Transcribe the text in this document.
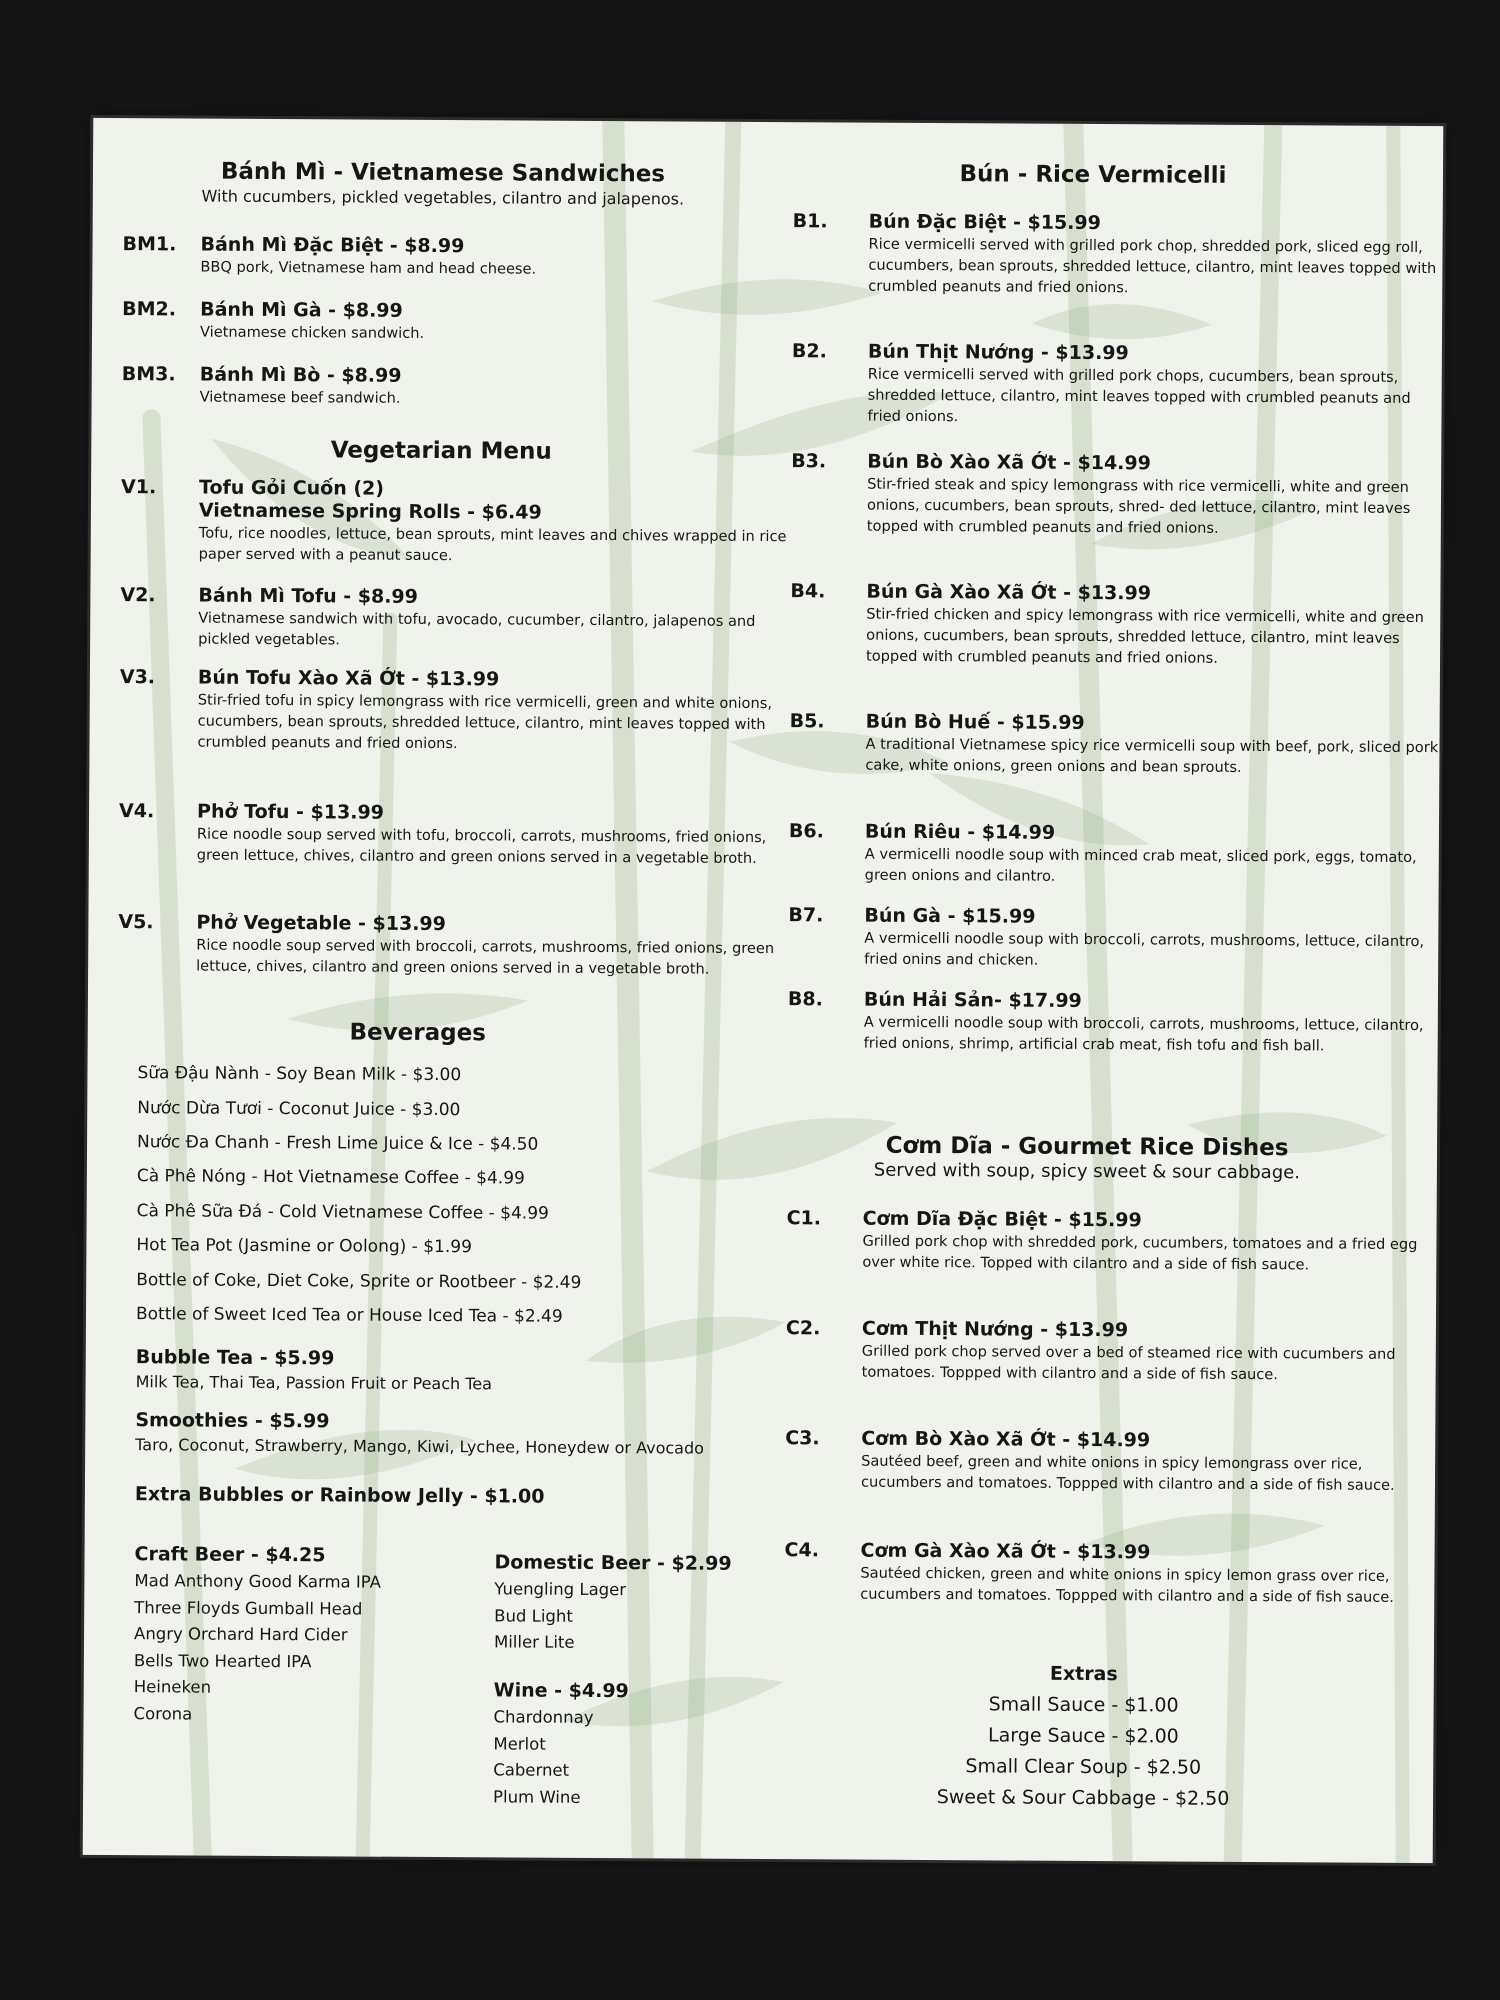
Bánh Mì - Vietnamese Sandwiches
With cucumbers, pickled vegetables, cilantro and jalapenos.
BM1. Bánh Mì Đặc Biệt - $8.99
BBQ pork, Vietnamese ham and head cheese.
BM2. Bánh Mì Gà - $8.99
Vietnamese chicken sandwich.
BM3. Bánh Mì Bò - $8.99
Vietnamese beef sandwich.
Vegetarian Menu
V1. Tofu Gỏi Cuốn (2)
Vietnamese Spring Rolls - $6.49
Tofu, rice noodles, lettuce, bean sprouts, mint leaves and chives wrapped in rice paper served with a peanut sauce.
V2. Bánh Mì Tofu - $8.99
Vietnamese sandwich with tofu, avocado, cucumber, cilantro, jalapenos and pickled vegetables.
V3. Bún Tofu Xào Xã Ớt - $13.99
Stir-fried tofu in spicy lemongrass with rice vermicelli, green and white onions, cucumbers, bean sprouts, shredded lettuce, cilantro, mint leaves topped with crumbled peanuts and fried onions.
V4. Phở Tofu - $13.99
Rice noodle soup served with tofu, broccoli, carrots, mushrooms, fried onions, green lettuce, chives, cilantro and green onions served in a vegetable broth.
V5. Phở Vegetable - $13.99
Rice noodle soup served with broccoli, carrots, mushrooms, fried onions, green lettuce, chives, cilantro and green onions served in a vegetable broth.
Beverages
Sữa Đậu Nành - Soy Bean Milk - $3.00
Nước Dừa Tươi - Coconut Juice - $3.00
Nước Đa Chanh - Fresh Lime Juice & Ice - $4.50
Cà Phê Nóng - Hot Vietnamese Coffee - $4.99
Cà Phê Sữa Đá - Cold Vietnamese Coffee - $4.99
Hot Tea Pot (Jasmine or Oolong) - $1.99
Bottle of Coke, Diet Coke, Sprite or Rootbeer - $2.49
Bottle of Sweet Iced Tea or House Iced Tea - $2.49
Bubble Tea - $5.99
Milk Tea, Thai Tea, Passion Fruit or Peach Tea
Smoothies - $5.99
Taro, Coconut, Strawberry, Mango, Kiwi, Lychee, Honeydew or Avocado
Extra Bubbles or Rainbow Jelly - $1.00
Craft Beer - $4.25
Mad Anthony Good Karma IPA
Three Floyds Gumball Head
Angry Orchard Hard Cider
Bells Two Hearted IPA
Heineken
Corona
Domestic Beer - $2.99
Yuengling Lager
Bud Light
Miller Lite
Wine - $4.99
Chardonnay
Merlot
Cabernet
Plum Wine
Bún - Rice Vermicelli
B1. Bún Đặc Biệt - $15.99
Rice vermicelli served with grilled pork chop, shredded pork, sliced egg roll, cucumbers, bean sprouts, shredded lettuce, cilantro, mint leaves topped with crumbled peanuts and fried onions.
B2. Bún Thịt Nướng - $13.99
Rice vermicelli served with grilled pork chops, cucumbers, bean sprouts, shredded lettuce, cilantro, mint leaves topped with crumbled peanuts and fried onions.
B3. Bún Bò Xào Xã Ớt - $14.99
Stir-fried steak and spicy lemongrass with rice vermicelli, white and green onions, cucumbers, bean sprouts, shred- ded lettuce, cilantro, mint leaves topped with crumbled peanuts and fried onions.
B4. Bún Gà Xào Xã Ớt - $13.99
Stir-fried chicken and spicy lemongrass with rice vermicelli, white and green onions, cucumbers, bean sprouts, shredded lettuce, cilantro, mint leaves topped with crumbled peanuts and fried onions.
B5. Bún Bò Huế - $15.99
A traditional Vietnamese spicy rice vermicelli soup with beef, pork, sliced pork cake, white onions, green onions and bean sprouts.
B6. Bún Riêu - $14.99
A vermicelli noodle soup with minced crab meat, sliced pork, eggs, tomato, green onions and cilantro.
B7. Bún Gà - $15.99
A vermicelli noodle soup with broccoli, carrots, mushrooms, lettuce, cilantro, fried onins and chicken.
B8. Bún Hải Sản- $17.99
A vermicelli noodle soup with broccoli, carrots, mushrooms, lettuce, cilantro, fried onions, shrimp, artificial crab meat, fish tofu and fish ball.
Cơm Dĩa - Gourmet Rice Dishes
Served with soup, spicy sweet & sour cabbage.
C1. Cơm Dĩa Đặc Biệt - $15.99
Grilled pork chop with shredded pork, cucumbers, tomatoes and a fried egg over white rice. Topped with cilantro and a side of fish sauce.
C2. Cơm Thịt Nướng - $13.99
Grilled pork chop served over a bed of steamed rice with cucumbers and tomatoes. Toppped with cilantro and a side of fish sauce.
C3. Cơm Bò Xào Xã Ớt - $14.99
Sautéed beef, green and white onions in spicy lemongrass over rice, cucumbers and tomatoes. Toppped with cilantro and a side of fish sauce.
C4. Cơm Gà Xào Xã Ớt - $13.99
Sautéed chicken, green and white onions in spicy lemon grass over rice, cucumbers and tomatoes. Toppped with cilantro and a side of fish sauce.
Extras
Small Sauce - $1.00
Large Sauce - $2.00
Small Clear Soup - $2.50
Sweet & Sour Cabbage - $2.50
